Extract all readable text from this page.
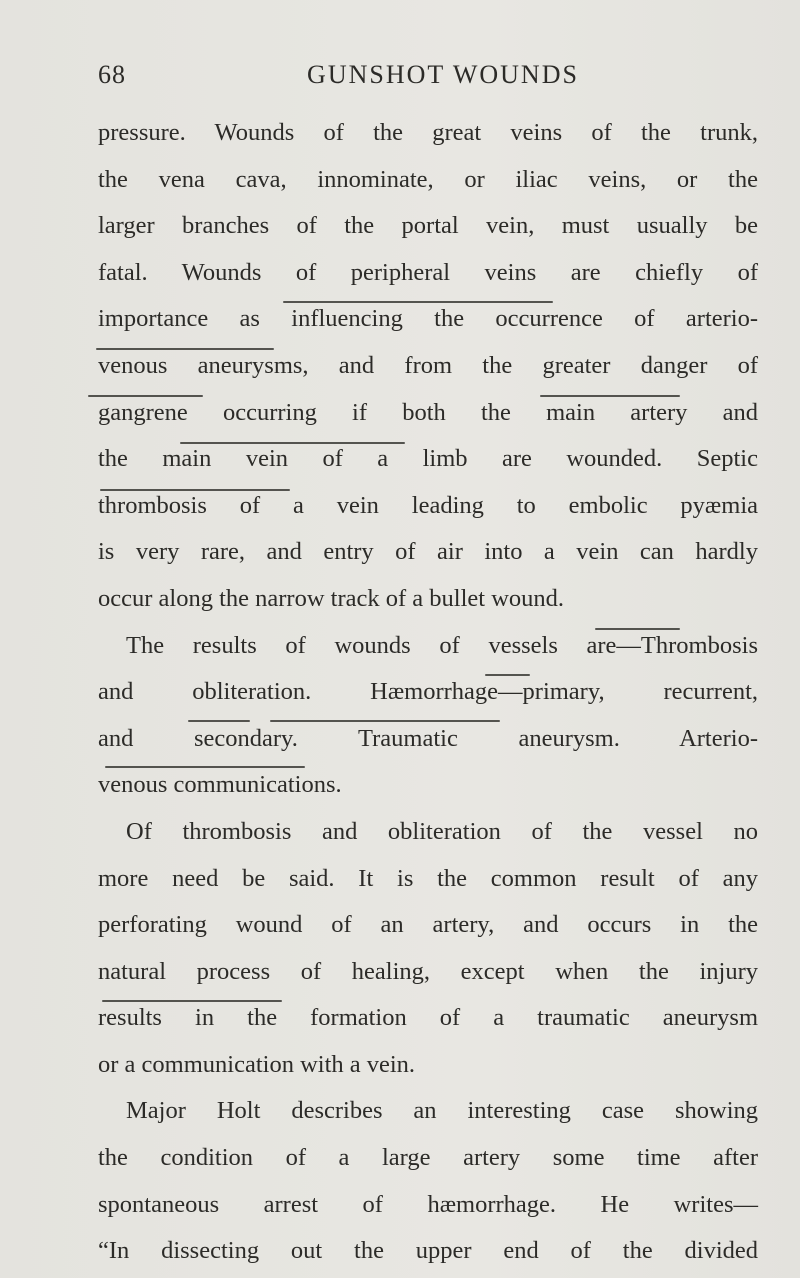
68	GUNSHOT WOUNDS
pressure. Wounds of the great veins of the trunk,
the vena cava, innominate, or iliac veins, or the
larger branches of the portal vein, must usually be
fatal. Wounds of peripheral veins are chiefly of
importance as influencing the occurrence of arterio-
venous aneurysms, and from the greater danger of
gangrene occurring if both the main artery and
the main vein of a limb are wounded. Septic
thrombosis of a vein leading to embolic pyæmia
is very rare, and entry of air into a vein can hardly
occur along the narrow track of a bullet wound.
The results of wounds of vessels are—Thrombosis
and obliteration. Hæmorrhage—primary, recurrent,
and secondary. Traumatic aneurysm. Arterio-
venous communications.
Of thrombosis and obliteration of the vessel no
more need be said. It is the common result of any
perforating wound of an artery, and occurs in the
natural process of healing, except when the injury
results in the formation of a traumatic aneurysm
or a communication with a vein.
Major Holt describes an interesting case showing
the condition of a large artery some time after
spontaneous arrest of hæmorrhage. He writes—
“In dissecting out the upper end of the divided
